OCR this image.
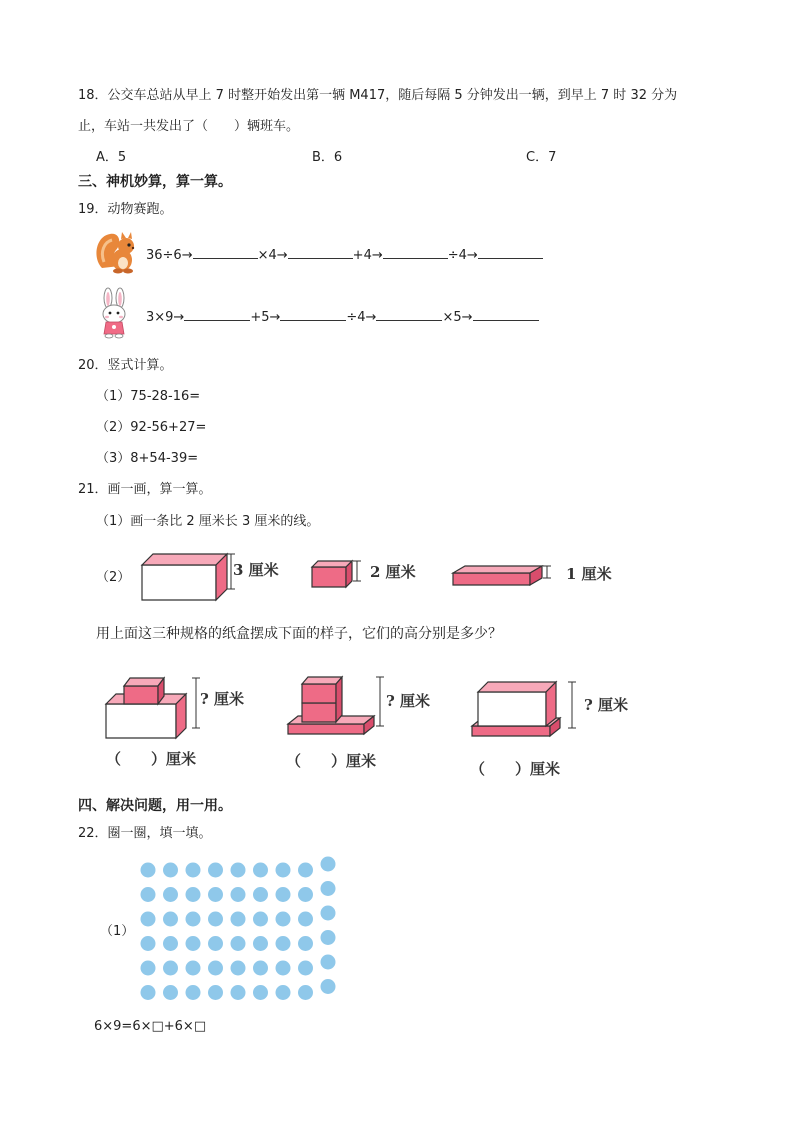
18．公交车总站从早上 7 时整开始发出第一辆 M417，随后每隔 5 分钟发出一辆，到早上 7 时 32 分为
止，车站一共发出了（　　）辆班车。
A．5	B．6	C．7
三、神机妙算，算一算。
19．动物赛跑。
36÷6→	×4→	+4→	÷4→
3×9→	+5→	÷4→	×5→
20．竖式计算。
（1）75-28-16=
（2）92-56+27=
（3）8+54-39=
21．画一画，算一算。
（1）画一条比 2 厘米长 3 厘米的线。
（2）	3 厘米	2 厘米	1 厘米
用上面这三种规格的纸盒摆成下面的样子，它们的高分别是多少？
? 厘米
（　　）厘米
? 厘米
（　　）厘米
? 厘米
（　　）厘米
四、解决问题，用一用。
22．圈一圈，填一填。
（1）
6×9=6×□+6×□
